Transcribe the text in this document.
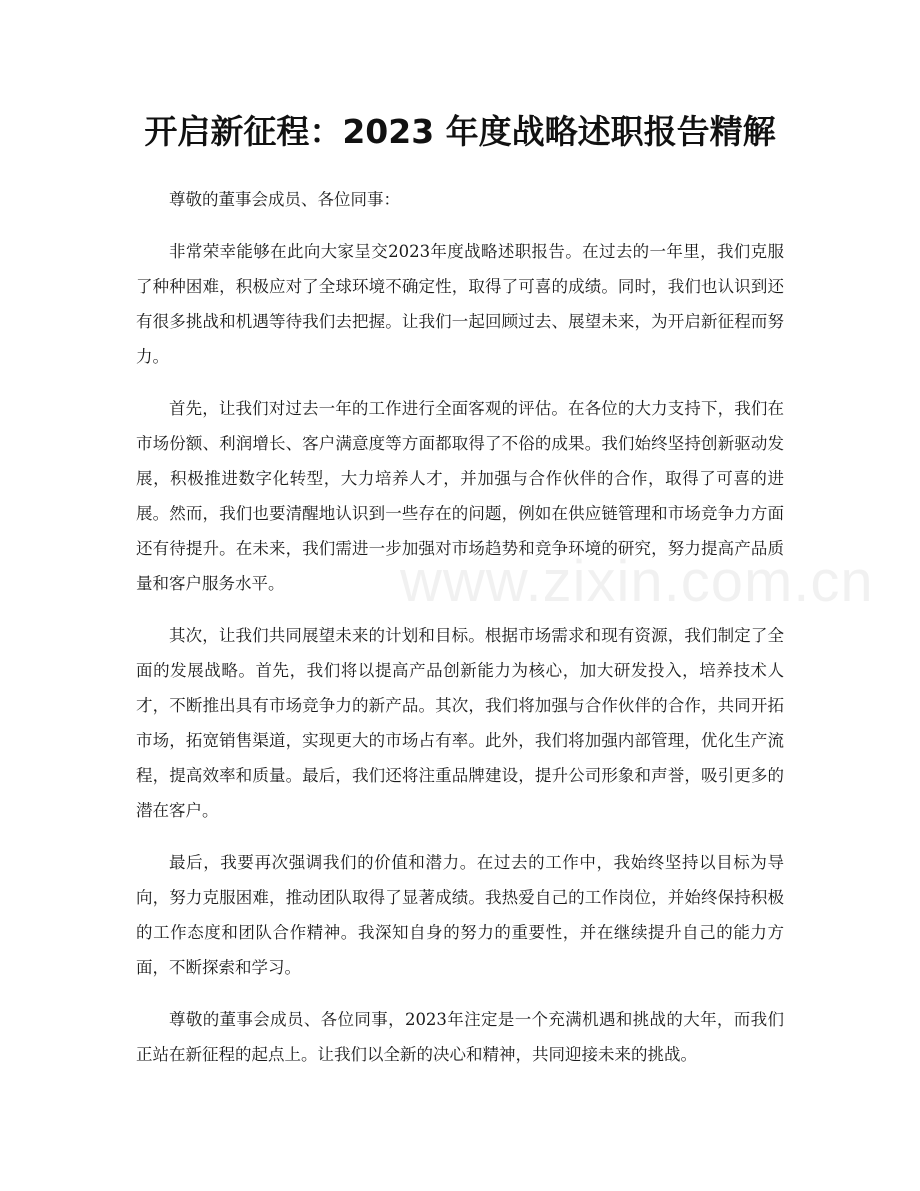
开启新征程：2023 年度战略述职报告精解

尊敬的董事会成员、各位同事：

非常荣幸能够在此向大家呈交2023年度战略述职报告。在过去的一年里，我们克服了种种困难，积极应对了全球环境不确定性，取得了可喜的成绩。同时，我们也认识到还有很多挑战和机遇等待我们去把握。让我们一起回顾过去、展望未来，为开启新征程而努力。

首先，让我们对过去一年的工作进行全面客观的评估。在各位的大力支持下，我们在市场份额、利润增长、客户满意度等方面都取得了不俗的成果。我们始终坚持创新驱动发展，积极推进数字化转型，大力培养人才，并加强与合作伙伴的合作，取得了可喜的进展。然而，我们也要清醒地认识到一些存在的问题，例如在供应链管理和市场竞争力方面还有待提升。在未来，我们需进一步加强对市场趋势和竞争环境的研究，努力提高产品质量和客户服务水平。

其次，让我们共同展望未来的计划和目标。根据市场需求和现有资源，我们制定了全面的发展战略。首先，我们将以提高产品创新能力为核心，加大研发投入，培养技术人才，不断推出具有市场竞争力的新产品。其次，我们将加强与合作伙伴的合作，共同开拓市场，拓宽销售渠道，实现更大的市场占有率。此外，我们将加强内部管理，优化生产流程，提高效率和质量。最后，我们还将注重品牌建设，提升公司形象和声誉，吸引更多的潜在客户。

最后，我要再次强调我们的价值和潜力。在过去的工作中，我始终坚持以目标为导向，努力克服困难，推动团队取得了显著成绩。我热爱自己的工作岗位，并始终保持积极的工作态度和团队合作精神。我深知自身的努力的重要性，并在继续提升自己的能力方面，不断探索和学习。

尊敬的董事会成员、各位同事，2023年注定是一个充满机遇和挑战的大年，而我们正站在新征程的起点上。让我们以全新的决心和精神，共同迎接未来的挑战。

www.zixin.com.cn
